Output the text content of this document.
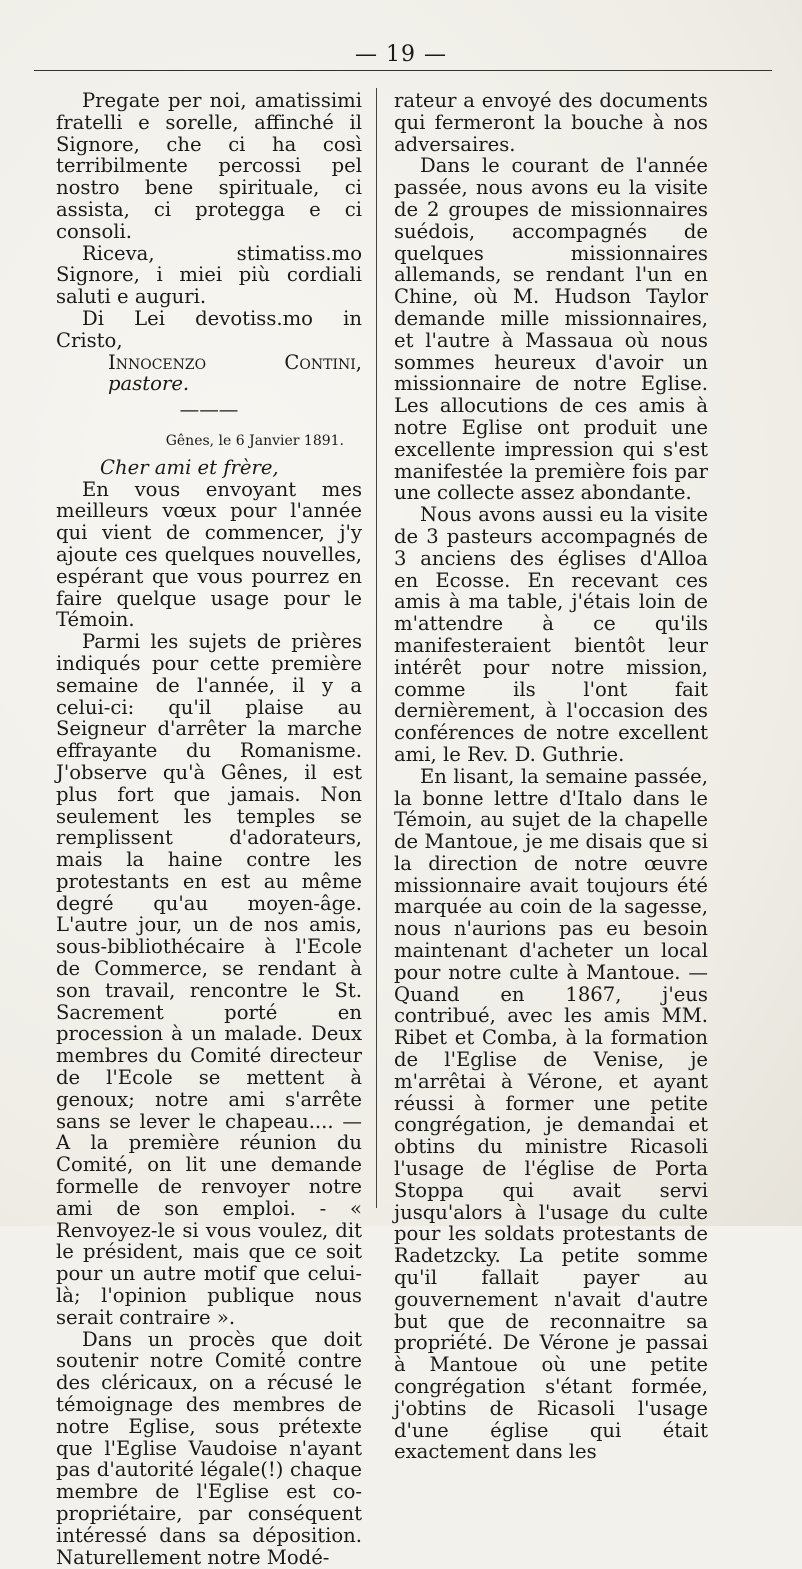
— 19 —

Pregate per noi, amatissimi fratelli e sorelle, affinché il Signore, che ci ha così terribilmente percossi pel nostro bene spirituale, ci assista, ci protegga e ci consoli.

Riceva, stimatiss.mo Signore, i miei più cordiali saluti e auguri.

Di Lei devotiss.mo in Cristo,

Innocenzo Contini, pastore.

———
Gênes, le 6 Janvier 1891.

Cher ami et frère,

En vous envoyant mes meilleurs vœux pour l'année qui vient de commencer, j'y ajoute ces quelques nouvelles, espérant que vous pourrez en faire quelque usage pour le Témoin.

Parmi les sujets de prières indiqués pour cette première semaine de l'année, il y a celui-ci: qu'il plaise au Seigneur d'arrêter la marche effrayante du Romanisme. J'observe qu'à Gênes, il est plus fort que jamais. Non seulement les temples se remplissent d'adorateurs, mais la haine contre les protestants en est au même degré qu'au moyen-âge. L'autre jour, un de nos amis, sous-bibliothécaire à l'Ecole de Commerce, se rendant à son travail, rencontre le St. Sacrement porté en procession à un malade. Deux membres du Comité directeur de l'Ecole se mettent à genoux; notre ami s'arrête sans se lever le chapeau.... — A la première réunion du Comité, on lit une demande formelle de renvoyer notre ami de son emploi. - « Renvoyez-le si vous voulez, dit le président, mais que ce soit pour un autre motif que celui-là; l'opinion publique nous serait contraire ».

Dans un procès que doit soutenir notre Comité contre des cléricaux, on a récusé le témoignage des membres de notre Eglise, sous prétexte que l'Eglise Vaudoise n'ayant pas d'autorité légale(!) chaque membre de l'Eglise est co-propriétaire, par conséquent intéressé dans sa déposition. Naturellement notre Modé-

rateur a envoyé des documents qui fermeront la bouche à nos adversaires.

Dans le courant de l'année passée, nous avons eu la visite de 2 groupes de missionnaires suédois, accompagnés de quelques missionnaires allemands, se rendant l'un en Chine, où M. Hudson Taylor demande mille missionnaires, et l'autre à Massaua où nous sommes heureux d'avoir un missionnaire de notre Eglise. Les allocutions de ces amis à notre Eglise ont produit une excellente impression qui s'est manifestée la première fois par une collecte assez abondante.

Nous avons aussi eu la visite de 3 pasteurs accompagnés de 3 anciens des églises d'Alloa en Ecosse. En recevant ces amis à ma table, j'étais loin de m'attendre à ce qu'ils manifesteraient bientôt leur intérêt pour notre mission, comme ils l'ont fait dernièrement, à l'occasion des conférences de notre excellent ami, le Rev. D. Guthrie.

En lisant, la semaine passée, la bonne lettre d'Italo dans le Témoin, au sujet de la chapelle de Mantoue, je me disais que si la direction de notre œuvre missionnaire avait toujours été marquée au coin de la sagesse, nous n'aurions pas eu besoin maintenant d'acheter un local pour notre culte à Mantoue. — Quand en 1867, j'eus contribué, avec les amis MM. Ribet et Comba, à la formation de l'Eglise de Venise, je m'arrêtai à Vérone, et ayant réussi à former une petite congrégation, je demandai et obtins du ministre Ricasoli l'usage de l'église de Porta Stoppa qui avait servi jusqu'alors à l'usage du culte pour les soldats protestants de Radetzcky. La petite somme qu'il fallait payer au gouvernement n'avait d'autre but que de reconnaitre sa propriété. De Vérone je passai à Mantoue où une petite congrégation s'étant formée, j'obtins de Ricasoli l'usage d'une église qui était exactement dans les
